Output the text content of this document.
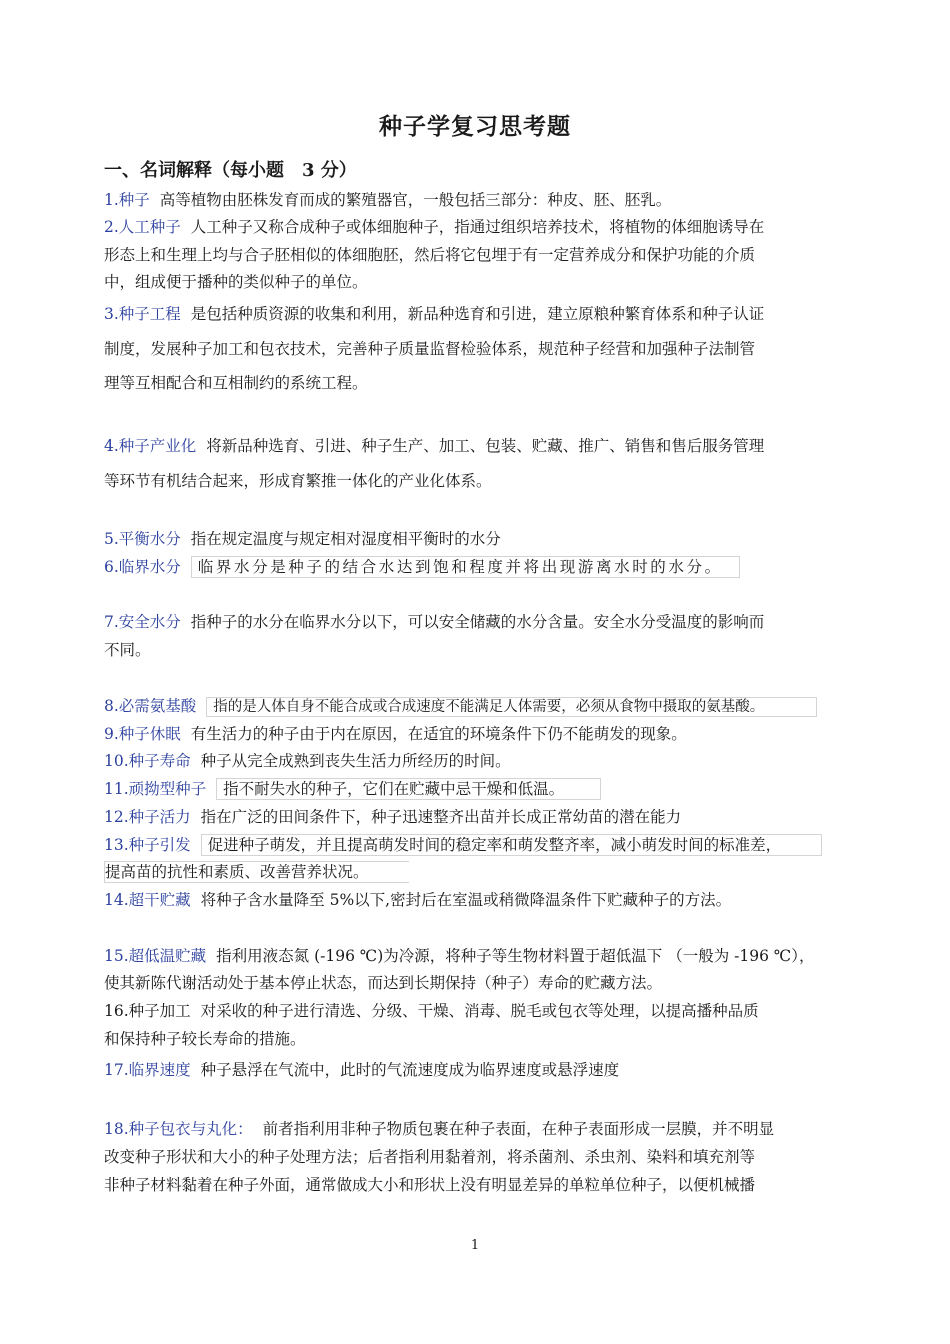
种子学复习思考题
一、名词解释（每小题 3 分）
1.种子 高等植物由胚株发育而成的繁殖器官，一般包括三部分：种皮、胚、胚乳。
2.人工种子 人工种子又称合成种子或体细胞种子，指通过组织培养技术，将植物的体细胞诱导在
形态上和生理上均与合子胚相似的体细胞胚，然后将它包埋于有一定营养成分和保护功能的介质
中，组成便于播种的类似种子的单位。
3.种子工程 是包括种质资源的收集和利用，新品种选育和引进，建立原粮种繁育体系和种子认证
制度，发展种子加工和包衣技术，完善种子质量监督检验体系，规范种子经营和加强种子法制管
理等互相配合和互相制约的系统工程。
4.种子产业化 将新品种选育、引进、种子生产、加工、包装、贮藏、推广、销售和售后服务管理
等环节有机结合起来，形成育繁推一体化的产业化体系。
5.平衡水分 指在规定温度与规定相对湿度相平衡时的水分
6.临界水分 临界水分是种子的结合水达到饱和程度并将出现游离水时的水分。
7.安全水分 指种子的水分在临界水分以下，可以安全储藏的水分含量。安全水分受温度的影响而
不同。
8.必需氨基酸 指的是人体自身不能合成或合成速度不能满足人体需要，必须从食物中摄取的氨基酸。
9.种子休眠 有生活力的种子由于内在原因，在适宜的环境条件下仍不能萌发的现象。
10.种子寿命 种子从完全成熟到丧失生活力所经历的时间。
11.顽拗型种子 指不耐失水的种子，它们在贮藏中忌干燥和低温。
12.种子活力 指在广泛的田间条件下，种子迅速整齐出苗并长成正常幼苗的潜在能力
13.种子引发 促进种子萌发，并且提高萌发时间的稳定率和萌发整齐率，减小萌发时间的标准差，
提高苗的抗性和素质、改善营养状况。
14.超干贮藏 将种子含水量降至 5%以下,密封后在室温或稍微降温条件下贮藏种子的方法。
15.超低温贮藏 指利用液态氮 (-196 ℃)为冷源，将种子等生物材料置于超低温下 （一般为 -196 ℃），
使其新陈代谢活动处于基本停止状态，而达到长期保持（种子）寿命的贮藏方法。
16.种子加工 对采收的种子进行清选、分级、干燥、消毒、脱毛或包衣等处理，以提高播种品质
和保持种子较长寿命的措施。
17.临界速度 种子悬浮在气流中，此时的气流速度成为临界速度或悬浮速度
18.种子包衣与丸化： 前者指利用非种子物质包裹在种子表面，在种子表面形成一层膜，并不明显
改变种子形状和大小的种子处理方法；后者指利用黏着剂，将杀菌剂、杀虫剂、染料和填充剂等
非种子材料黏着在种子外面，通常做成大小和形状上没有明显差异的单粒单位种子，以便机械播
1
